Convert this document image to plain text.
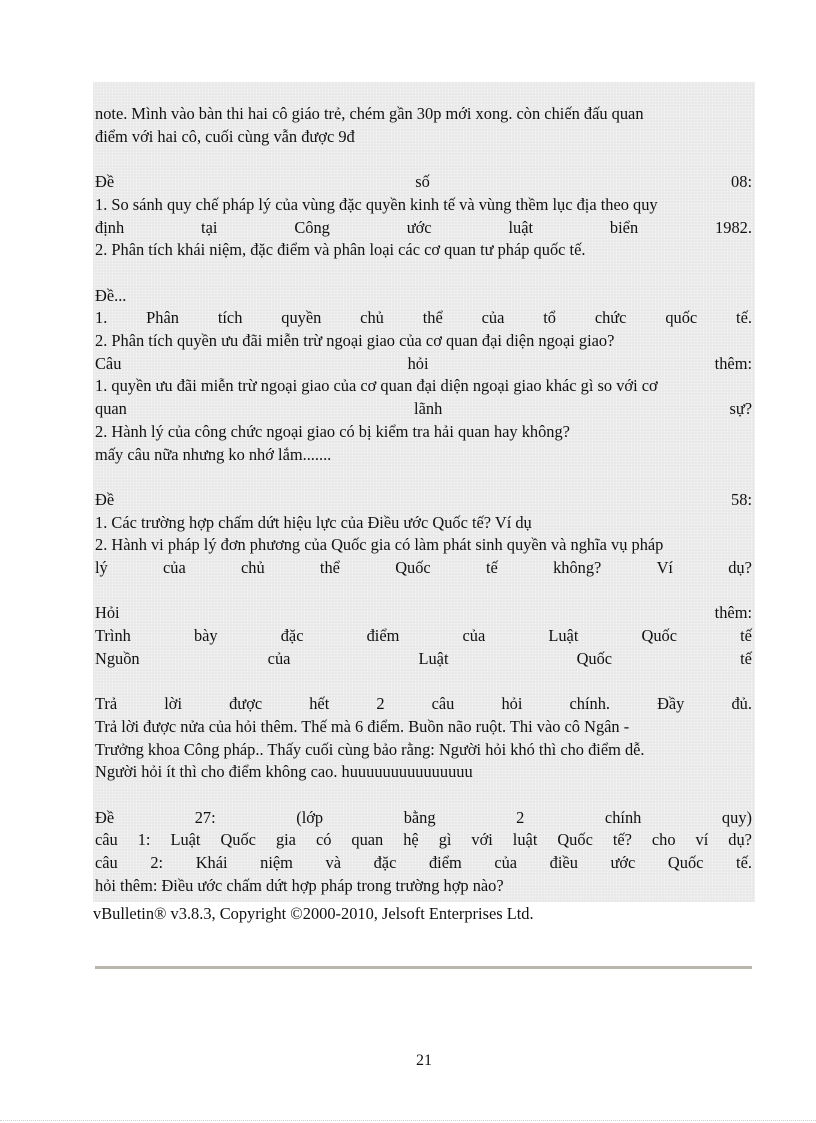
note. Mình vào bàn thi hai cô giáo trẻ, chém gần 30p mới xong. còn chiến đấu quan
điểm với hai cô, cuối cùng vẫn được 9đ
Đề	số	08:
1. So sánh quy chế pháp lý của vùng đặc quyền kinh tế và vùng thềm lục địa theo quy
định	tại	Công	ước	luật	biển	1982.
2. Phân tích khái niệm, đặc điểm và phân loại các cơ quan tư pháp quốc tế.
Đề...
1. Phân tích quyền chủ thể của tổ chức quốc tế.
2. Phân tích quyền ưu đãi miễn trừ ngoại giao của cơ quan đại diện ngoại giao?
Câu	hỏi	thêm:
1. quyền ưu đãi miễn trừ ngoại giao của cơ quan đại diện ngoại giao khác gì so với cơ
quan	lãnh	sự?
2. Hành lý của công chức ngoại giao có bị kiểm tra hải quan hay không?
mấy câu nữa nhưng ko nhớ lắm.......
Đề	58:
1. Các trường hợp chấm dứt hiệu lực của Điều ước Quốc tế? Ví dụ
2. Hành vi pháp lý đơn phương của Quốc gia có làm phát sinh quyền và nghĩa vụ pháp
lý	của	chủ	thể	Quốc	tế	không?	Ví	dụ?
Hỏi	thêm:
Trình	bày	đặc	điểm	của	Luật	Quốc	tế
Nguồn	của	Luật	Quốc	tế
Trả	lời	được	hết	2	câu	hỏi	chính.	Đầy	đủ.
Trả lời được nửa của hỏi thêm. Thế mà 6 điểm. Buồn não ruột. Thi vào cô Ngân -
Trưởng khoa Công pháp.. Thấy cuối cùng bảo rằng: Người hỏi khó thì cho điểm dễ.
Người hỏi ít thì cho điểm không cao. huuuuuuuuuuuuuuu
Đề	27:	(lớp	bằng	2	chính	quy)
câu 1: Luật Quốc gia có quan hệ gì với luật Quốc tế? cho ví dụ?
câu 2: Khái niệm và đặc điểm của điều ước Quốc tế.
hỏi thêm: Điều ước chấm dứt hợp pháp trong trường hợp nào?
vBulletin® v3.8.3, Copyright ©2000-2010, Jelsoft Enterprises Ltd.
21
